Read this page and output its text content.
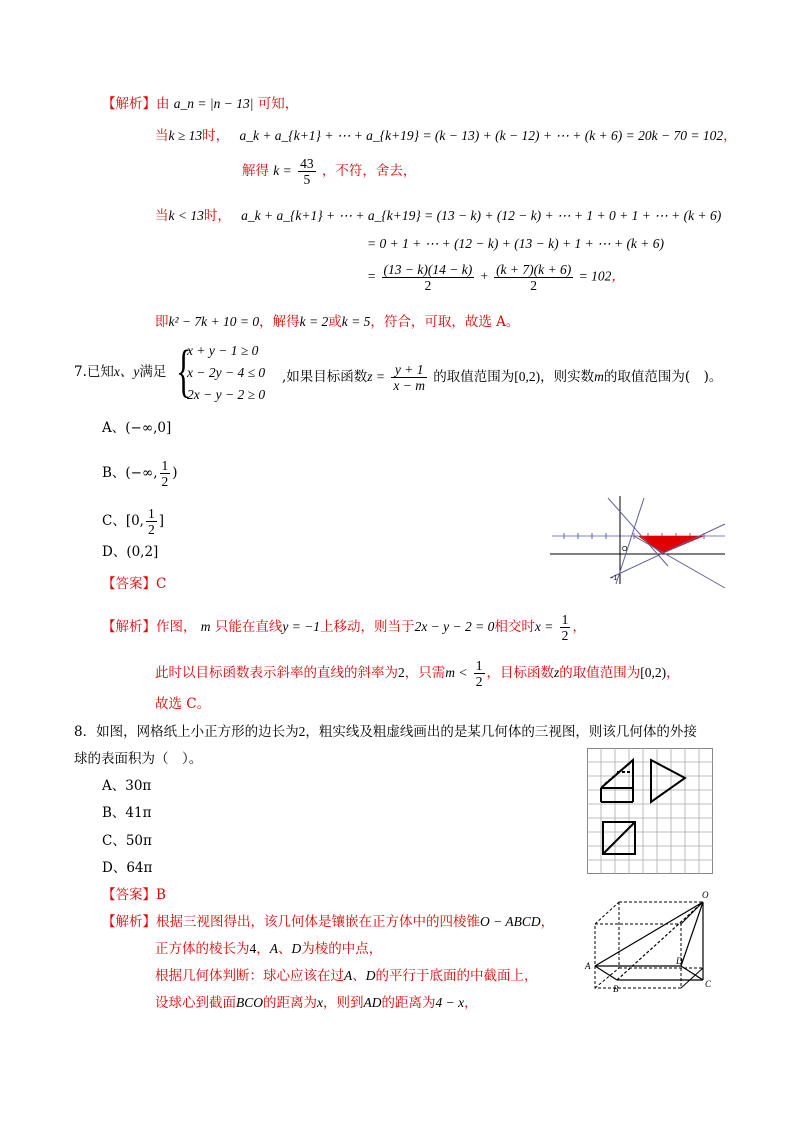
【解析】由 a_n = |n − 13| 可知，
当k ≥ 13时， a_k + a_{k+1} + ⋯ + a_{k+19} = (k − 13) + (k − 12) + ⋯ + (k + 6) = 20k − 70 = 102，
解得 $k = \frac{43}{5}$ ，不符，舍去，
当k < 13时， a_k + a_{k+1} + ⋯ + a_{k+19} = (13 − k) + (12 − k) + ⋯ + 1 + 0 + 1 + ⋯ + (k + 6)
= 0 + 1 + ⋯ + (12 − k) + (13 − k) + 1 + ⋯ + (k + 6)
= $\frac{(13 - k)(14 - k)}{2} + \frac{(k + 7)(k + 6)}{2} = 102$，
即k² − 7k + 10 = 0，解得k = 2或k = 5，符合，可取，故选 A。
7.已知x、y满足 {
x + y − 1 ≥ 0
x − 2y − 4 ≤ 0
2x − y − 2 ≥ 0
,如果目标函数$z = \frac{y + 1}{x - m}$ 的取值范围为[0,2)，则实数m的取值范围为(　)。
A、(−∞,0]
B、(−∞, $\frac{1}{2}$ )
C、[0, $\frac{1}{2}$ ]
D、(0,2]	O
-1
【答案】C
【解析】作图， m 只能在直线y = −1上移动，则当于2x − y − 2 = 0相交时$x = \frac{1}{2}$ ，
此时以目标函数表示斜率的直线的斜率为2，只需$m < \frac{1}{2}$ ，目标函数z的取值范围为[0,2)，
故选 C。
8．如图，网格纸上小正方形的边长为2，粗实线及粗虚线画出的是某几何体的三视图，则该几何体的外接
球的表面积为（　）。
A、30π
B、41π
C、50π
D、64π
【答案】B
【解析】根据三视图得出，该几何体是镶嵌在正方体中的四棱锥O − ABCD，
正方体的棱长为4，A、D为棱的中点，
根据几何体判断：球心应该在过A、D的平行于底面的中截面上，
设球心到截面BCO的距离为x，则到AD的距离为4 − x，
O
A
B	C
D
